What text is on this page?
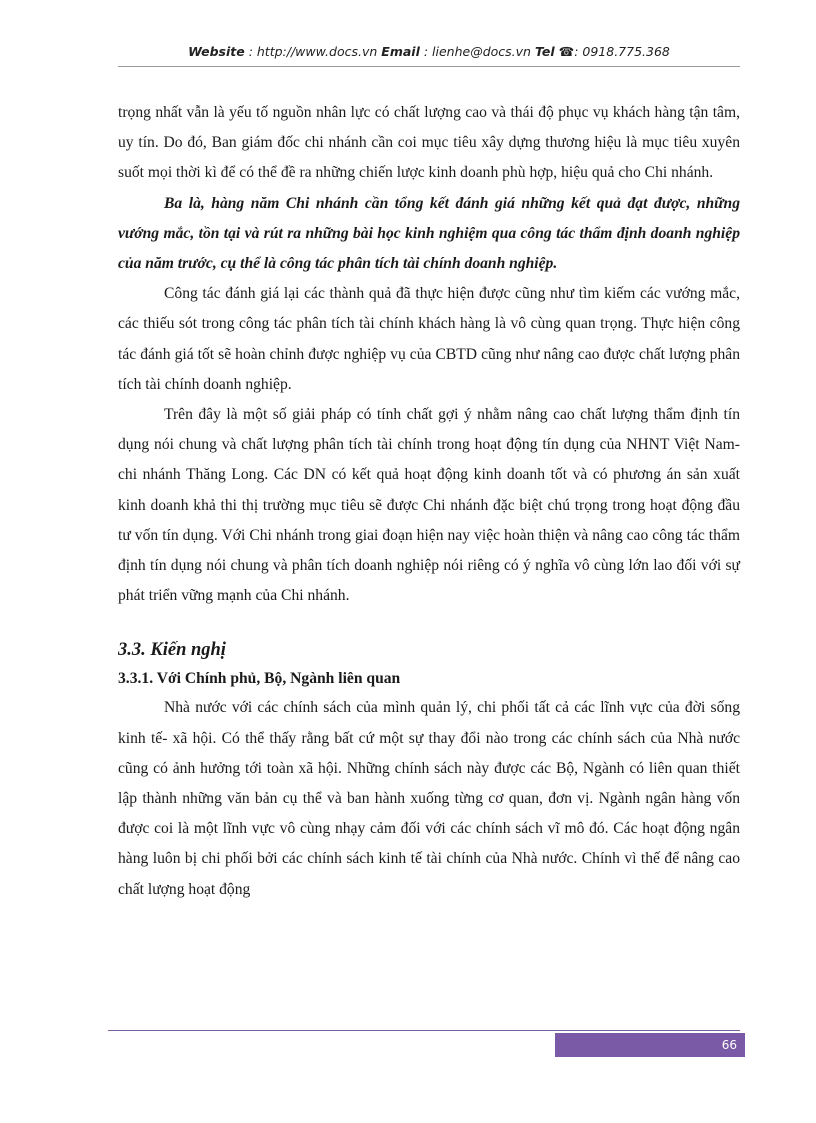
Website : http://www.docs.vn Email : lienhe@docs.vn Tel ☎: 0918.775.368

trọng nhất vẫn là yếu tố nguồn nhân lực có chất lượng cao và thái độ phục vụ khách hàng tận tâm, uy tín. Do đó, Ban giám đốc chi nhánh cần coi mục tiêu xây dựng thương hiệu là mục tiêu xuyên suốt mọi thời kì để có thể đề ra những chiến lược kinh doanh phù hợp, hiệu quả cho Chi nhánh.

Ba là, hàng năm Chi nhánh cần tổng kết đánh giá những kết quả đạt được, những vướng mắc, tồn tại và rút ra những bài học kinh nghiệm qua công tác thẩm định doanh nghiệp của năm trước, cụ thể là công tác phân tích tài chính doanh nghiệp.

Công tác đánh giá lại các thành quả đã thực hiện được cũng như tìm kiếm các vướng mắc, các thiếu sót trong công tác phân tích tài chính khách hàng là vô cùng quan trọng. Thực hiện công tác đánh giá tốt sẽ hoàn chỉnh được nghiệp vụ của CBTD cũng như nâng cao được chất lượng phân tích tài chính doanh nghiệp.

Trên đây là một số giải pháp có tính chất gợi ý nhằm nâng cao chất lượng thẩm định tín dụng nói chung và chất lượng phân tích tài chính trong hoạt động tín dụng của NHNT Việt Nam- chi nhánh Thăng Long. Các DN có kết quả hoạt động kinh doanh tốt và có phương án sản xuất kinh doanh khả thi thị trường mục tiêu sẽ được Chi nhánh đặc biệt chú trọng trong hoạt động đầu tư vốn tín dụng. Với Chi nhánh trong giai đoạn hiện nay việc hoàn thiện và nâng cao công tác thẩm định tín dụng nói chung và phân tích doanh nghiệp nói riêng có ý nghĩa vô cùng lớn lao đối với sự phát triển vững mạnh của Chi nhánh.

3.3. Kiến nghị
3.3.1. Với Chính phủ, Bộ, Ngành liên quan

Nhà nước với các chính sách của mình quản lý, chi phối tất cả các lĩnh vực của đời sống kinh tế- xã hội. Có thể thấy rằng bất cứ một sự thay đổi nào trong các chính sách của Nhà nước cũng có ảnh hưởng tới toàn xã hội. Những chính sách này được các Bộ, Ngành có liên quan thiết lập thành những văn bản cụ thể và ban hành xuống từng cơ quan, đơn vị. Ngành ngân hàng vốn được coi là một lĩnh vực vô cùng nhạy cảm đối với các chính sách vĩ mô đó. Các hoạt động ngân hàng luôn bị chi phối bởi các chính sách kinh tế tài chính của Nhà nước. Chính vì thế để nâng cao chất lượng hoạt động

66
